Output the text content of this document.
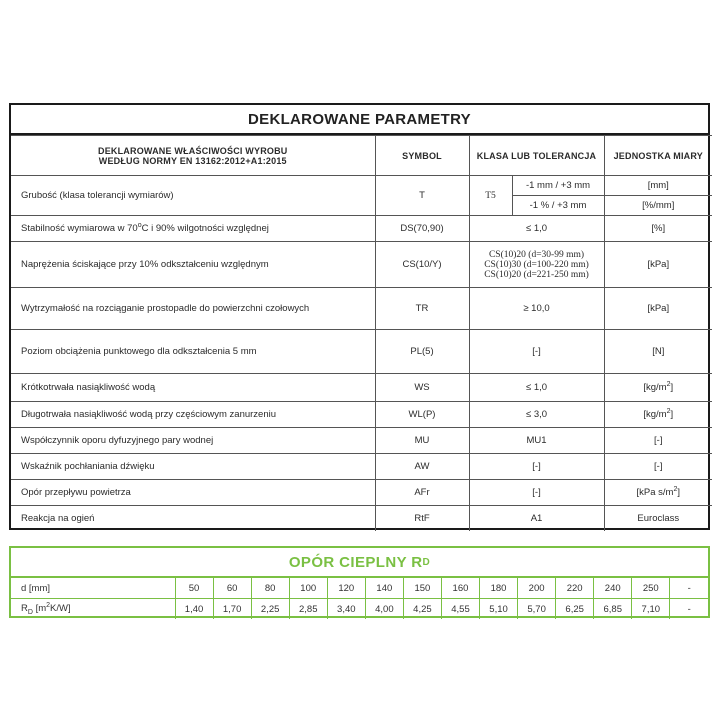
DEKLAROWANE PARAMETRY
DEKLAROWANE WŁAŚCIWOŚCI WYROBU
WEDŁUG NORMY EN 13162:2012+A1:2015	SYMBOL	KLASA LUB TOLERANCJA		JEDNOSTKA MIARY
Grubość (klasa tolerancji wymiarów)	T	T5	-1 mm / +3 mm	[mm]
			-1 % / +3 mm	[%/mm]
Stabilność wymiarowa w 70$^o$C i 90% wilgotności względnej	DS(70,90)	≤ 1,0		[%]
Naprężenia ściskające przy 10% odkształceniu względnym	CS(10/Y)	CS(10)20 (d=30-99 mm)
CS(10)30 (d=100-220 mm)
CS(10)20 (d=221-250 mm)		[kPa]
Wytrzymałość na rozciąganie prostopadle do powierzchni czołowych	TR	≥ 10,0		[kPa]
Poziom obciążenia punktowego dla odkształcenia 5 mm	PL(5)	[-]		[N]
Krótkotrwała nasiąkliwość wodą	WS	≤ 1,0		$[kg/m^2]$
Długotrwała nasiąkliwość wodą przy częściowym zanurzeniu	WL(P)	≤ 3,0		$[kg/m^2]$
Współczynnik oporu dyfuzyjnego pary wodnej	MU	MU1		[-]
Wskaźnik pochłaniania dźwięku	AW	[-]		[-]
Opór przepływu powietrza	AFr	[-]		[kPa $s/m^2$]
Reakcja na ogień	RtF	A1		Euroclass
OPÓR CIEPLNY R D
d [mm]	50	60	80	100	120	140	150	160	180	200	220	240	250	-
$R_D$ $[m^2K/W]$	1,40	1,70	2,25	2,85	3,40	4,00	4,25	4,55	5,10	5,70	6,25	6,85	7,10	-
